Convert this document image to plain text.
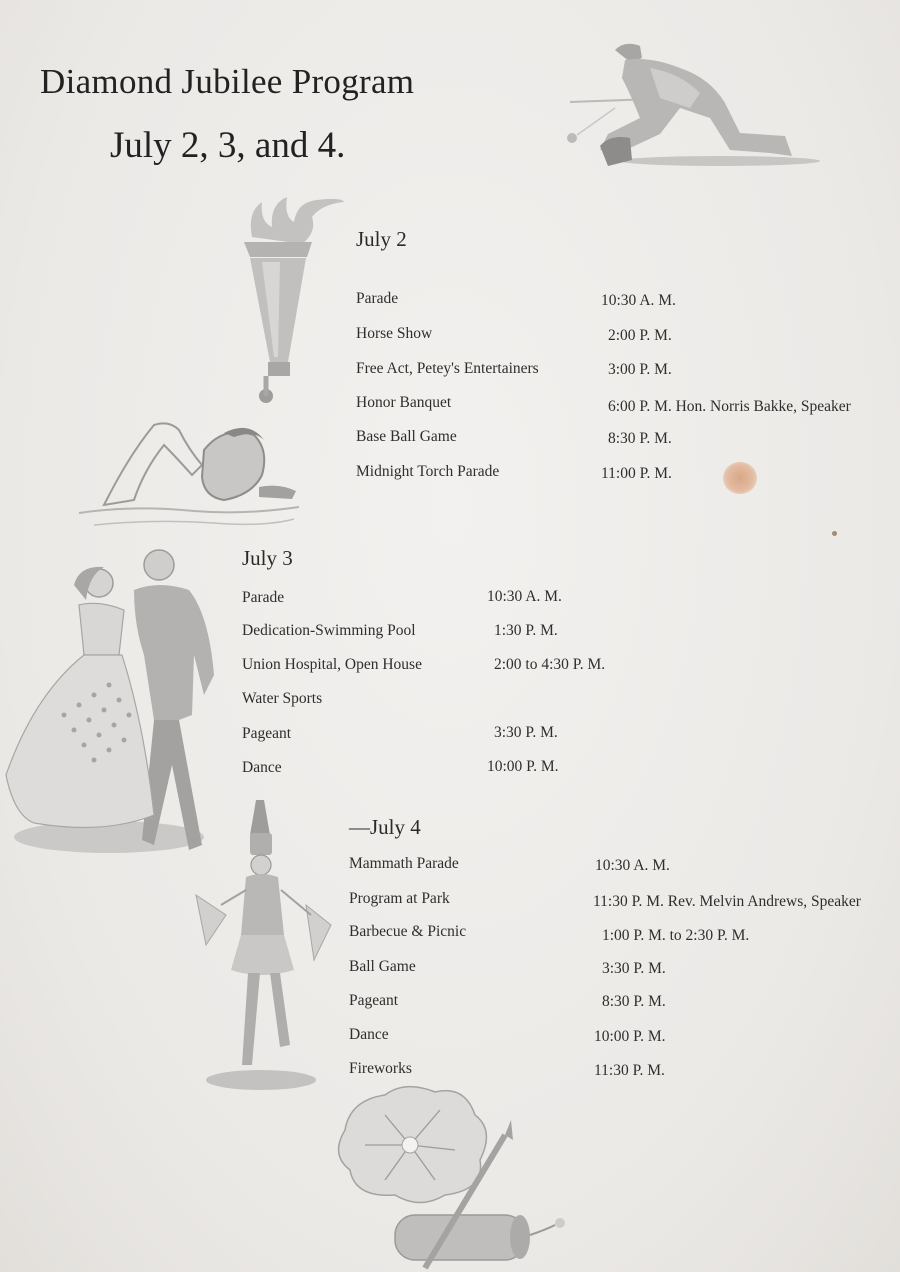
Diamond Jubilee Program
July 2, 3, and 4.
July 2
Parade	10:30 A. M.
Horse Show	2:00 P. M.
Free Act, Petey's Entertainers	3:00 P. M.
Honor Banquet	6:00 P. M. Hon. Norris Bakke, Speaker
Base Ball Game	8:30 P. M.
Midnight Torch Parade	11:00 P. M.
July 3
Parade	10:30 A. M.
Dedication-Swimming Pool	1:30 P. M.
Union Hospital, Open House	2:00 to 4:30 P. M.
Water Sports
Pageant	3:30 P. M.
Dance	10:00 P. M.
—July 4
Mammath Parade	10:30 A. M.
Program at Park	11:30 P. M. Rev. Melvin Andrews, Speaker
Barbecue & Picnic	1:00 P. M. to 2:30 P. M.
Ball Game	3:30 P. M.
Pageant	8:30 P. M.
Dance	10:00 P. M.
Fireworks	11:30 P. M.
